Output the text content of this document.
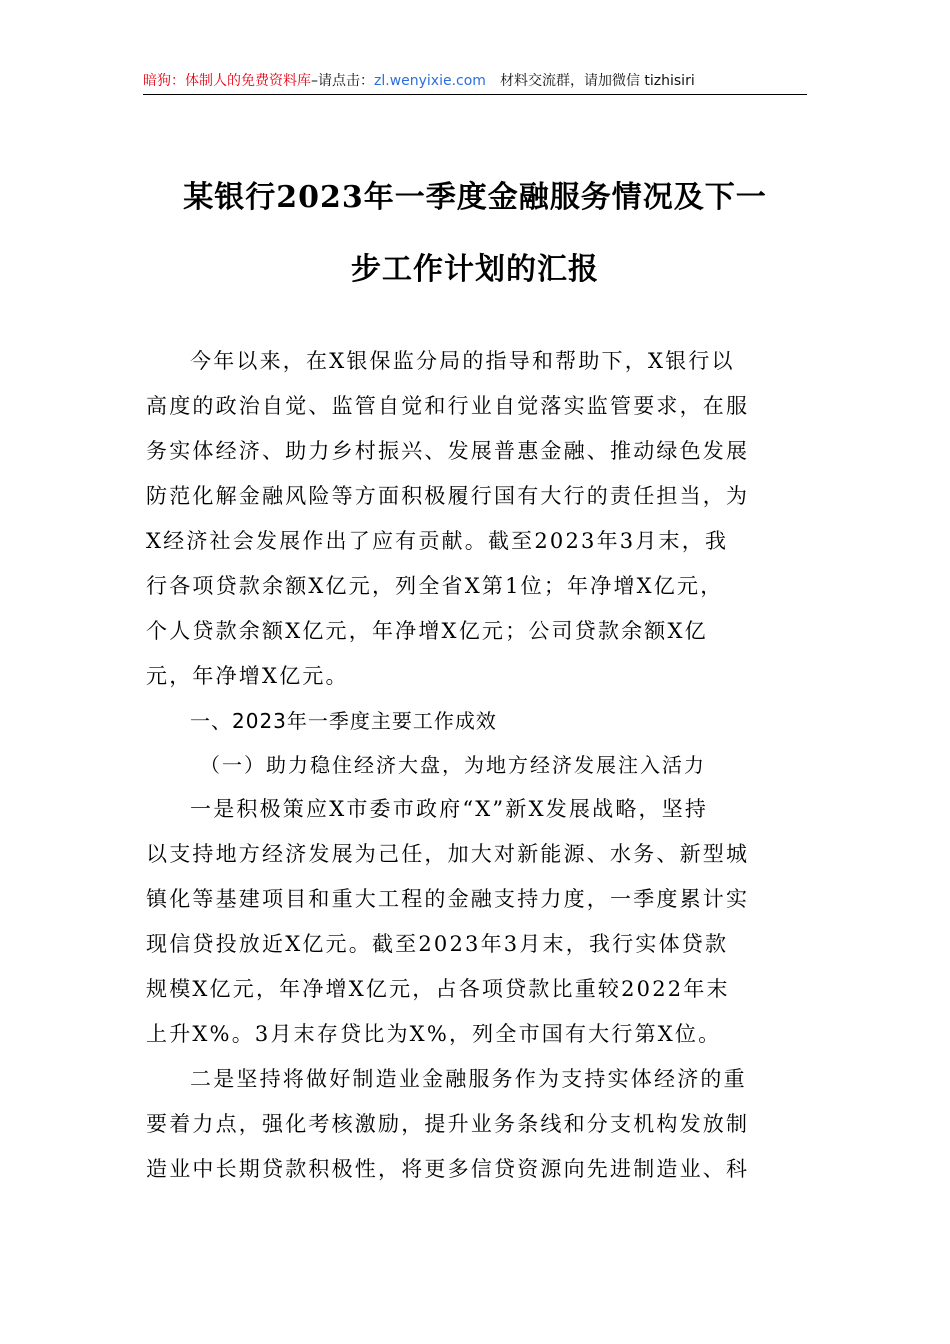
暗狗：体制人的免费资料库–请点击：zl.wenyixie.com 材料交流群，请加微信 tizhisiri
某银行2023年一季度金融服务情况及下一
步工作计划的汇报
今年以来，在X银保监分局的指导和帮助下，X银行以
高度的政治自觉、监管自觉和行业自觉落实监管要求，在服
务实体经济、助力乡村振兴、发展普惠金融、推动绿色发展
防范化解金融风险等方面积极履行国有大行的责任担当，为
X经济社会发展作出了应有贡献。截至2023年3月末，我
行各项贷款余额X亿元，列全省X第1位；年净增X亿元，
个人贷款余额X亿元，年净增X亿元；公司贷款余额X亿
元，年净增X亿元。
一、2023年一季度主要工作成效
（一）助力稳住经济大盘，为地方经济发展注入活力
一是积极策应X市委市政府“X”新X发展战略，坚持
以支持地方经济发展为己任，加大对新能源、水务、新型城
镇化等基建项目和重大工程的金融支持力度，一季度累计实
现信贷投放近X亿元。截至2023年3月末，我行实体贷款
规模X亿元，年净增X亿元，占各项贷款比重较2022年末
上升X%。3月末存贷比为X%，列全市国有大行第X位。
二是坚持将做好制造业金融服务作为支持实体经济的重
要着力点，强化考核激励，提升业务条线和分支机构发放制
造业中长期贷款积极性，将更多信贷资源向先进制造业、科
